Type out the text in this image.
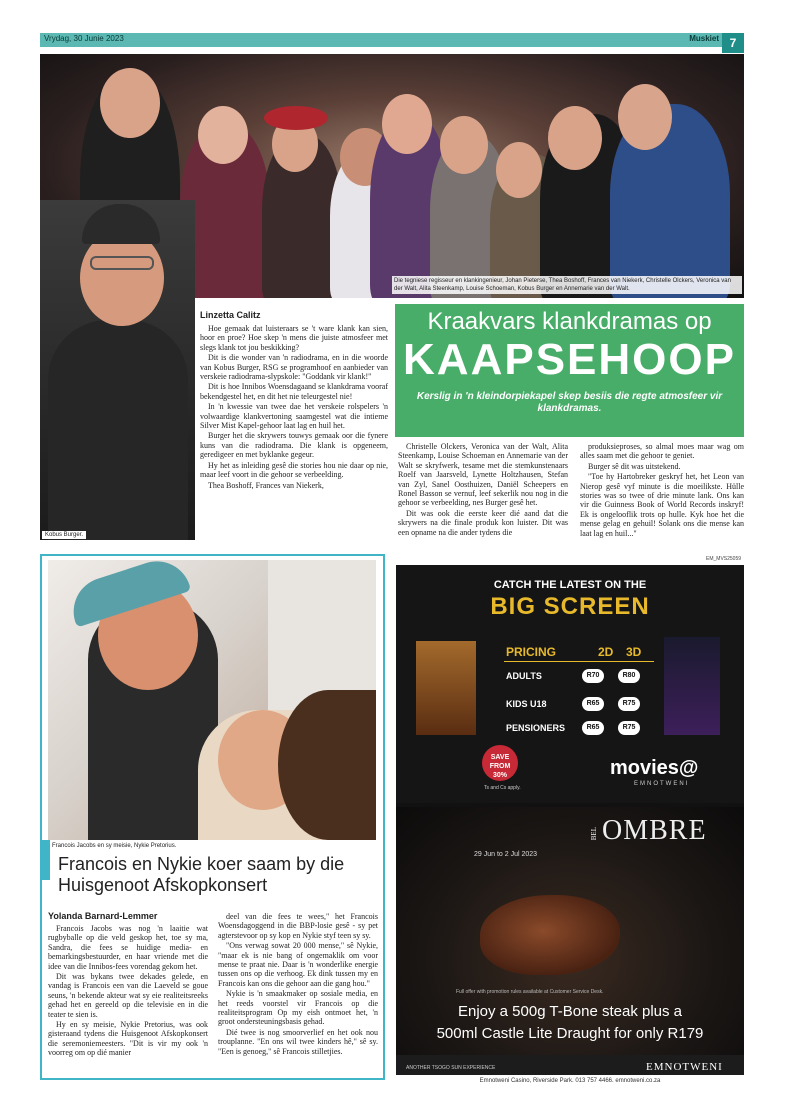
Vrydag, 30 Junie 2023	Muskiet 7
Die tegniese regisseur en klankingenieur, Johan Pieterse, Thea Boshoff, Frances van Niekerk, Christelle Olckers, Veronica van der Walt, Alita Steenkamp, Louise Schoeman, Kobus Burger en Annemarie van der Walt.
Kobus Burger.
Linzetta Calitz

Hoe gemaak dat luisteraars se 't ware klank kan sien, hoor en proe? Hoe skep 'n mens die juiste atmosfeer met slegs klank tot jou beskikking?

Dit is die wonder van 'n radiodrama, en in die woorde van Kobus Burger, RSG se programhoof en aanbieder van verskeie radiodrama-slypskole: "Goddank vir klank!"

Dit is hoe Innibos Woensdagaand se klankdrama vooraf bekendgestel het, en dit het nie teleurgestel nie!

In 'n kwessie van twee dae het verskeie rolspelers 'n volwaardige klankvertoning saamgestel wat die intieme Silver Mist Kapel-gehoor laat lag en huil het.

Burger het die skrywers touwys gemaak oor die fynere kuns van die radiodrama. Die klank is opgeneem, geredigeer en met byklanke gegeur.

Hy het as inleiding gesê die stories hou nie daar op nie, maar leef voort in die gehoor se verbeelding.

Thea Boshoff, Frances van Niekerk,

Kraakvars klankdramas op
KAAPSEHOOP
Kerslig in 'n kleindorpiekapel skep besiis die regte atmosfeer vir klankdramas.

Christelle Olckers, Veronica van der Walt, Alita Steenkamp, Louise Schoeman en Annemarie van der Walt se skryfwerk, tesame met die stemkunstenaars Roelf van Jaarsveld, Lynette Holtzhausen, Stefan van Zyl, Sanel Oosthuizen, Daniël Scheepers en Ronel Basson se vernuf, leef sekerlik nou nog in die gehoor se verbeelding, nes Burger gesê het.

Dit was ook die eerste keer dié aand dat die skrywers na die finale produk kon luister. Dit was een opname na die ander tydens die

produksieproses, so almal moes maar wag om alles saam met die gehoor te geniet.

Burger sê dit was uitstekend.

"Toe hy Hartobreker geskryf het, het Leon van Nierop gesê vyf minute is die moeilikste. Hülle stories was so twee of drie minute lank. Ons kan vir die Guinness Book of World Records inskryf! Ek is ongelooflik trots op hulle. Kyk hoe het die mense gelag en gehuil! Solank ons die mense kan laat lag en huil..."

Francois Jacobs en sy meisie, Nykie Pretorius.
Francois en Nykie koer saam by die Huisgenoot Afskopkonsert
Yolanda Barnard-Lemmer

Francois Jacobs was nog 'n laaitie wat rugbyballe op die veld geskop het, toe sy ma, Sandra, die fees se huidige media- en bemarkingsbestuurder, en haar vriende met die idee van die Innibos-fees vorendag gekom het.

Dit was bykans twee dekades gelede, en vandag is Francois een van die Laeveld se goue seuns, 'n bekende akteur wat sy eie realiteitsreeks gehad het en gereeld op die televisie en in die teater te sien is.

Hy en sy meisie, Nykie Pretorius, was ook gisteraand tydens die Huisgenoot Afskopkonsert die seremoniemeesters. "Dit is vir my ook 'n voorreg om op dié manier

deel van die fees te wees," het Francois Woensdagoggend in die BBP-losie gesê - sy pet agterstevoor op sy kop en Nykie styf teen sy sy.

"Ons verwag sowat 20 000 mense," sê Nykie, "maar ek is nie bang of ongemaklik om voor mense te praat nie. Daar is 'n wonderlike energie tussen ons op die verhoog. Ek dink tussen my en Francois kan ons die gehoor aan die gang hou."

Nykie is 'n smaakmaker op sosiale media, en het reeds voorstel vir Francois op die realiteitsprogram Op my eish ontmoet het, 'n groot ondersteuningsbasis gehad.

Dié twee is nog smoorverlief en het ook nou trouplanne. "En ons wil twee kinders hê," sê sy. "Een is genoeg," sê Francois stilletjies.

EM_MVS25059
CATCH THE LATEST ON THE
BIG SCREEN
PRICING	2D 3D
ADULTS	R70	R80
KIDS U18	R65	R75
PENSIONERS	R65	R75
SAVE FROM 30%
Ts and Cs apply.
movies@
EMNOTWENI
29 Jun to 2 Jul 2023
BEL OMBRE
Full offer with promotion rules available at Customer Service Desk.
Enjoy a 500g T-Bone steak plus a
500ml Castle Lite Draught for only R179
ANOTHER TSOGO SUN EXPERIENCE	EMNOTWENI
Emnotweni Casino, Riverside Park. 013 757 4466. emnotweni.co.za
